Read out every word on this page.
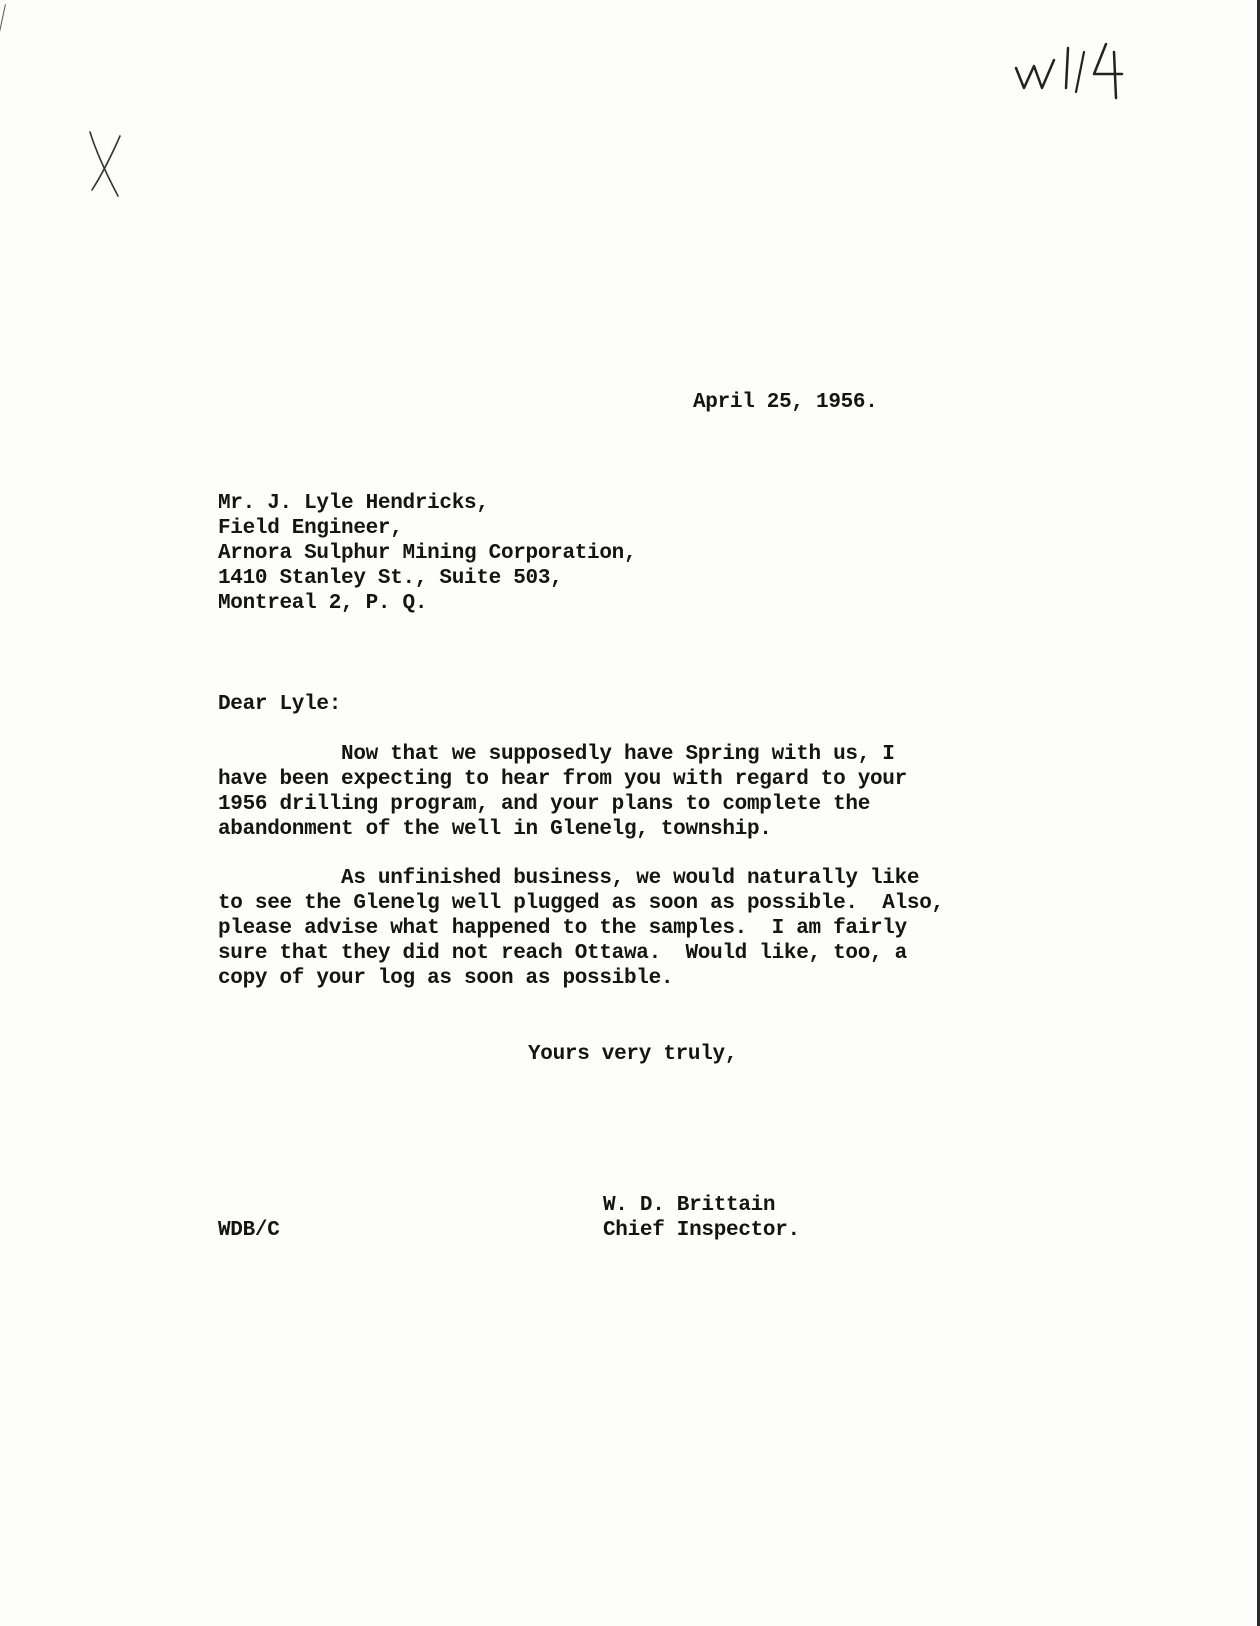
April 25, 1956.
Mr. J. Lyle Hendricks,
Field Engineer,
Arnora Sulphur Mining Corporation,
1410 Stanley St., Suite 503,
Montreal 2, P. Q.
Dear Lyle:
Now that we supposedly have Spring with us, I
have been expecting to hear from you with regard to your
1956 drilling program, and your plans to complete the
abandonment of the well in Glenelg, township.
As unfinished business, we would naturally like
to see the Glenelg well plugged as soon as possible.  Also,
please advise what happened to the samples.  I am fairly
sure that they did not reach Ottawa.  Would like, too, a
copy of your log as soon as possible.
Yours very truly,
W. D. Brittain
Chief Inspector.
WDB/C
